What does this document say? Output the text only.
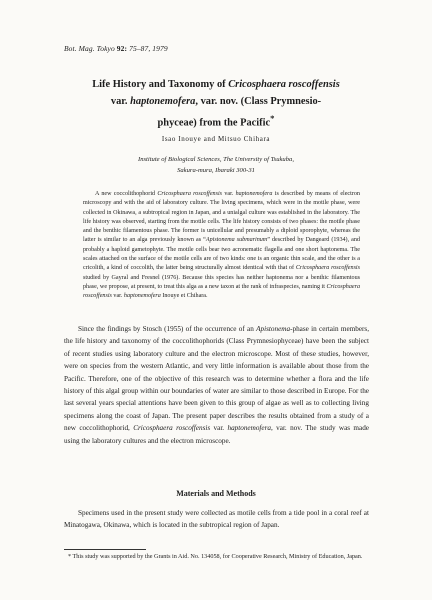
Bot. Mag. Tokyo 92: 75–87, 1979
Life History and Taxonomy of Cricosphaera roscoffensis
var. haptonemofera, var. nov. (Class Prymnesio-
phyceae) from the Pacific*
Isao Inouye and Mitsuo Chihara
Institute of Biological Sciences, The University of Tsukuba,
Sakura-mura, Ibaraki 300-31
A new coccolithophorid Cricosphaera roscoffensis var. haptonemofera is described by means of electron microscopy and with the aid of laboratory culture. The living specimens, which were in the motile phase, were collected in Okinawa, a subtropical region in Japan, and a unialgal culture was established in the laboratory. The life history was observed, starting from the motile cells. The life history consists of two phases: the motile phase and the benthic filamentous phase. The former is unicellular and presumably a diploid sporophyte, whereas the latter is similar to an alga previously known as “Apistonema submarinum” described by Dangeard (1934), and probably a haploid gametophyte. The motile cells bear two acronematic flagella and one short haptonema. The scales attached on the surface of the motile cells are of two kinds: one is an organic thin scale, and the other is a cricolith, a kind of coccolith, the latter being structurally almost identical with that of Cricosphaera roscoffensis studied by Gayral and Fresnel (1976). Because this species has neither haptonema nor a benthic filamentous phase, we propose, at present, to treat this alga as a new taxon at the rank of infraspecies, naming it Cricosphaera roscoffensis var. haptonemofera Inouye et Chihara.
Since the findings by Stosch (1955) of the occurrence of an Apistonema-phase in certain members, the life history and taxonomy of the coccolithophorids (Class Prymnesiophyceae) have been the subject of recent studies using laboratory culture and the electron microscope. Most of these studies, however, were on species from the western Atlantic, and very little information is available about those from the Pacific. Therefore, one of the objective of this research was to determine whether a flora and the life history of this algal group within our boundaries of water are similar to those described in Europe. For the last several years special attentions have been given to this group of algae as well as to collecting living specimens along the coast of Japan. The present paper describes the results obtained from a study of a new coccolithophorid, Cricosphaera roscoffensis var. haptonemofera, var. nov. The study was made using the laboratory cultures and the electron microscope.
Materials and Methods
Specimens used in the present study were collected as motile cells from a tide pool in a coral reef at Minatogawa, Okinawa, which is located in the subtropical region of Japan.
* This study was supported by the Grants in Aid. No. 134058, for Cooperative Research, Ministry of Education, Japan.
